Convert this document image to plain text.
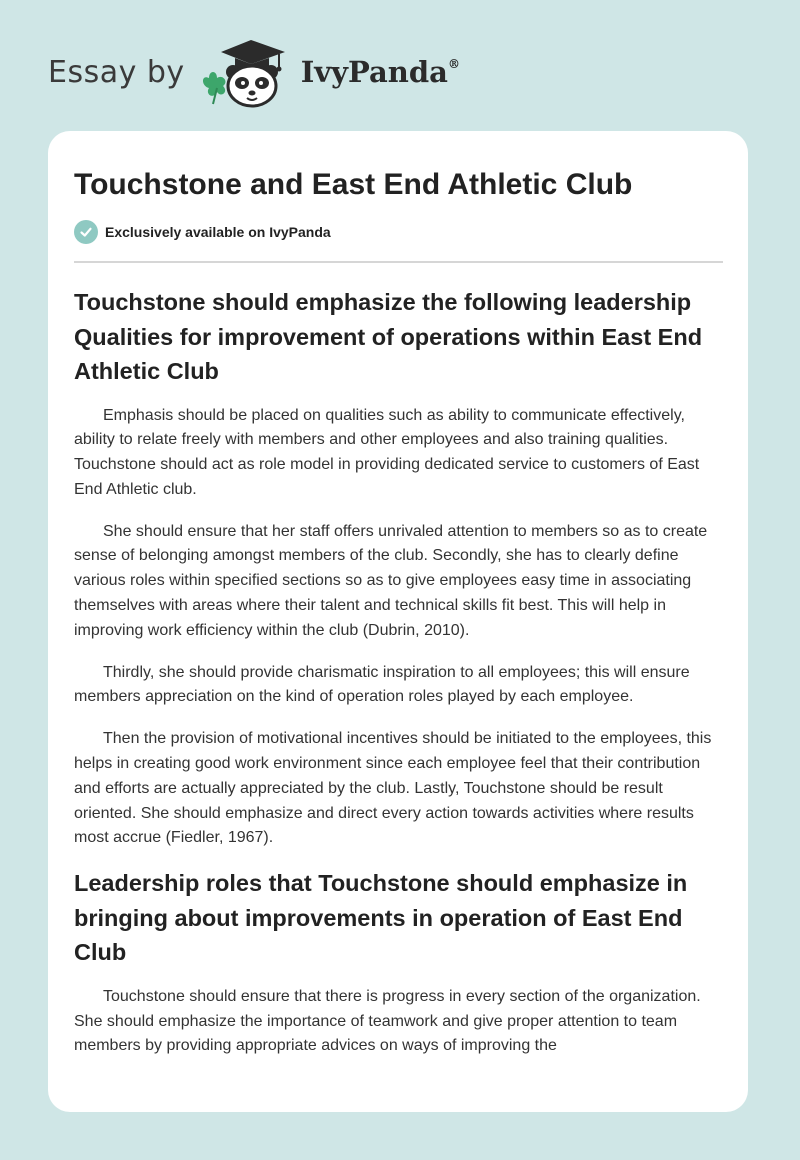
Essay by	IvyPanda®
Touchstone and East End Athletic Club
Exclusively available on IvyPanda
Touchstone should emphasize the following leadership Qualities for improvement of operations within East End Athletic Club

Emphasis should be placed on qualities such as ability to communicate effectively, ability to relate freely with members and other employees and also training qualities. Touchstone should act as role model in providing dedicated service to customers of East End Athletic club.

She should ensure that her staff offers unrivaled attention to members so as to create sense of belonging amongst members of the club. Secondly, she has to clearly define various roles within specified sections so as to give employees easy time in associating themselves with areas where their talent and technical skills fit best. This will help in improving work efficiency within the club (Dubrin, 2010).

Thirdly, she should provide charismatic inspiration to all employees; this will ensure members appreciation on the kind of operation roles played by each employee.

Then the provision of motivational incentives should be initiated to the employees, this helps in creating good work environment since each employee feel that their contribution and efforts are actually appreciated by the club. Lastly, Touchstone should be result oriented. She should emphasize and direct every action towards activities where results most accrue (Fiedler, 1967).

Leadership roles that Touchstone should emphasize in bringing about improvements in operation of East End Club

Touchstone should ensure that there is progress in every section of the organization. She should emphasize the importance of teamwork and give proper attention to team members by providing appropriate advices on ways of improving the
